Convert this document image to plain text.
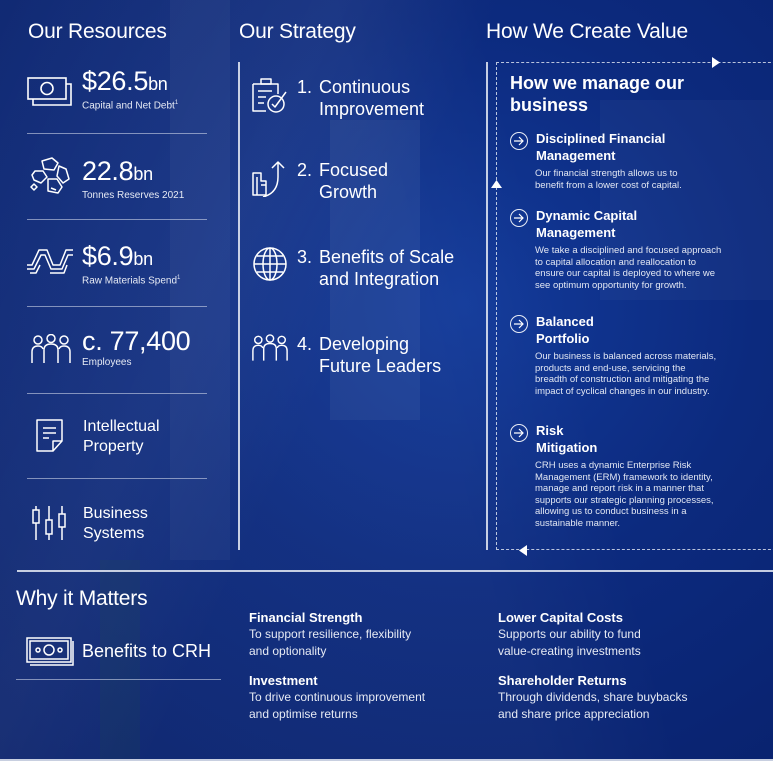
Our Resources
$26.5bn
Capital and Net Debt$^1$
22.8bn
Tonnes Reserves 2021
$6.9bn
Raw Materials Spend$^1$
c. 77,400
Employees
Intellectual
Property
Business
Systems
Our Strategy
1. Continuous
Improvement
2. Focused
Growth
3. Benefits of Scale
and Integration
4. Developing
Future Leaders
How We Create Value
How we manage our
business
Disciplined Financial
Management
Our financial strength allows us to
benefit from a lower cost of capital.
Dynamic Capital
Management
We take a disciplined and focused approach
to capital allocation and reallocation to
ensure our capital is deployed to where we
see optimum opportunity for growth.
Balanced
Portfolio
Our business is balanced across materials,
products and end-use, servicing the
breadth of construction and mitigating the
impact of cyclical changes in our industry.
Risk
Mitigation
CRH uses a dynamic Enterprise Risk
Management (ERM) framework to identity,
manage and report risk in a manner that
supports our strategic planning processes,
allowing us to conduct business in a
sustainable manner.
Why it Matters
Benefits to CRH
Financial Strength
To support resilience, flexibility
and optionality
Lower Capital Costs
Supports our ability to fund
value-creating investments
Investment
To drive continuous improvement
and optimise returns
Shareholder Returns
Through dividends, share buybacks
and share price appreciation
